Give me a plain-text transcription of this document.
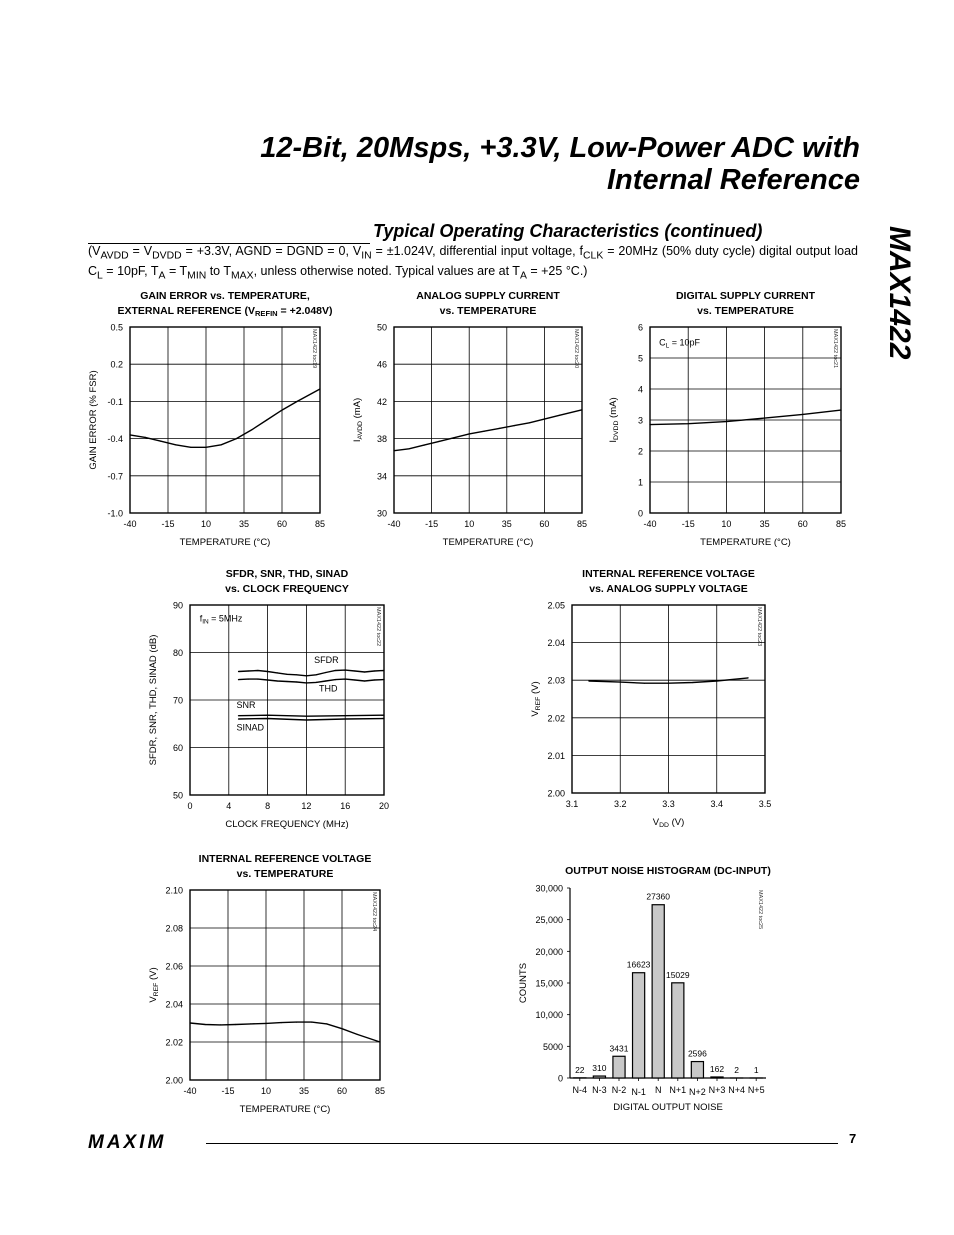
12-Bit, 20Msps, +3.3V, Low-Power ADC with
Internal Reference
MAX1422
Typical Operating Characteristics (continued)
($V_{AVDD} = V_{DVDD} = +3.3V$, AGND = DGND = 0, $V_{IN} = \pm 1.024V$, differential input voltage, $f_{CLK} = 20MHz$ (50% duty cycle) digital output load $C_L = 10pF$, $T_A = T_{MIN}$ to $T_{MAX}$, unless otherwise noted. Typical values are at $T_A = +25$ °C.)
GAIN ERROR vs. TEMPERATURE,
EXTERNAL REFERENCE (VREFIN = +2.048V)
GAIN ERROR (% FSR)
TEMPERATURE (°C)
MAX1422 toc19
-1.0
-0.7
-0.4
-0.1
0.2
0.5
-40	-15	10	35	60	85
ANALOG SUPPLY CURRENT
vs. TEMPERATURE
$I_{AVDD}$ (mA)
TEMPERATURE (°C)
MAX1422 toc20
30
34
38
42
46
50
-40	-15	10	35	60	85
DIGITAL SUPPLY CURRENT
vs. TEMPERATURE
$I_{DVDD}$ (mA)
TEMPERATURE (°C)
MAX1422 toc21
0
1
2
3
4
5
6
-40	-15	10	35	60	85
$C_L = 10pF$
SFDR, SNR, THD, SINAD
vs. CLOCK FREQUENCY
SFDR, SNR, THD, SINAD (dB)
CLOCK FREQUENCY (MHz)
MAX1422 toc22
50
60
70
80
90
0	4	8	12	16	20
$f_{IN} = 5MHz$
SFDR
THD
SNR
SINAD
INTERNAL REFERENCE VOLTAGE
vs. ANALOG SUPPLY VOLTAGE
$V_{REF}$ (V)
$V_{DD}$ (V)
MAX1422 toc23
2.00
2.01
2.02
2.03
2.04
2.05
3.1	3.2	3.3	3.4	3.5
INTERNAL REFERENCE VOLTAGE
vs. TEMPERATURE
$V_{REF}$ (V)
TEMPERATURE (°C)
MAX1422 toc24
2.00
2.02
2.04
2.06
2.08
2.10
-40	-15	10	35	60	85
OUTPUT NOISE HISTOGRAM (DC-INPUT)
COUNTS
DIGITAL OUTPUT NOISE
MAX1422 toc25
0
5000
10,000
15,000
20,000
25,000
30,000
22
N-4
310
N-3
3431
N-2
16623
N-1
27360
N
15029
N+1
2596
N+2
162
N+3
2
N+4
1
N+5
MAXIM	7
